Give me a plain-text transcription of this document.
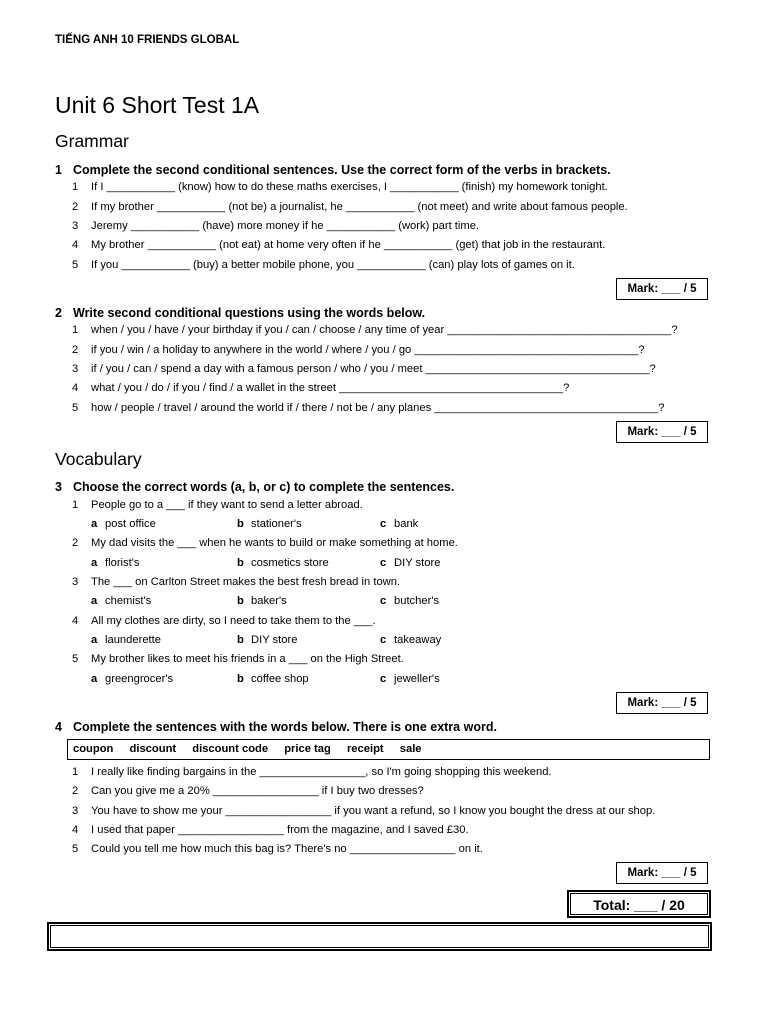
TIẾNG ANH 10 FRIENDS GLOBAL
Unit 6 Short Test 1A
Grammar
1 Complete the second conditional sentences. Use the correct form of the verbs in brackets.
1 If I ___________ (know) how to do these maths exercises, I ___________ (finish) my homework tonight.
2 If my brother ___________ (not be) a journalist, he ___________ (not meet) and write about famous people.
3 Jeremy ___________ (have) more money if he ___________ (work) part time.
4 My brother ___________ (not eat) at home very often if he ___________ (get) that job in the restaurant.
5 If you ___________ (buy) a better mobile phone, you ___________ (can) play lots of games on it.
Mark: ___ / 5
2 Write second conditional questions using the words below.
1 when / you / have / your birthday if you / can / choose / any time of year ____________________________________?
2 if you / win / a holiday to anywhere in the world / where / you / go ____________________________________?
3 if / you / can / spend a day with a famous person / who / you / meet ____________________________________?
4 what / you / do / if you / find / a wallet in the street ____________________________________?
5 how / people / travel / around the world if / there / not be / any planes ____________________________________?
Mark: ___ / 5
Vocabulary
3 Choose the correct words (a, b, or c) to complete the sentences.
1 People go to a ___ if they want to send a letter abroad.
a post office	b stationer's	c bank
2 My dad visits the ___ when he wants to build or make something at home.
a florist's	b cosmetics store	c DIY store
3 The ___ on Carlton Street makes the best fresh bread in town.
a chemist's	b baker's	c butcher's
4 All my clothes are dirty, so I need to take them to the ___.
a launderette	b DIY store	c takeaway
5 My brother likes to meet his friends in a ___ on the High Street.
a greengrocer's	b coffee shop	c jeweller's
Mark: ___ / 5
4 Complete the sentences with the words below. There is one extra word.
coupon discount discount code price tag receipt sale
1 I really like finding bargains in the _________________, so I'm going shopping this weekend.
2 Can you give me a 20% _________________ if I buy two dresses?
3 You have to show me your _________________ if you want a refund, so I know you bought the dress at our shop.
4 I used that paper _________________ from the magazine, and I saved £30.
5 Could you tell me how much this bag is? There's no _________________ on it.
Mark: ___ / 5
Total: ___ / 20
